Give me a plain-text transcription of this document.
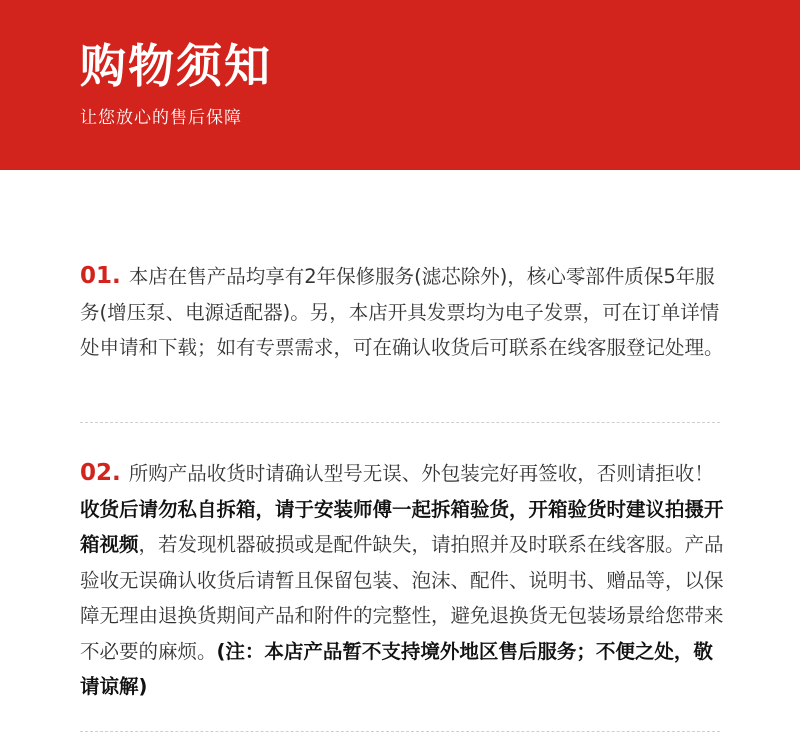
购物须知
让您放心的售后保障
01. 本店在售产品均享有2年保修服务(滤芯除外)，核心零部件质保5年服务(增压泵、电源适配器)。另，本店开具发票均为电子发票，可在订单详情处申请和下载；如有专票需求，可在确认收货后可联系在线客服登记处理。
02. 所购产品收货时请确认型号无误、外包装完好再签收，否则请拒收！收货后请勿私自拆箱，请于安装师傅一起拆箱验货，开箱验货时建议拍摄开箱视频，若发现机器破损或是配件缺失，请拍照并及时联系在线客服。产品验收无误确认收货后请暂且保留包装、泡沫、配件、说明书、赠品等，以保障无理由退换货期间产品和附件的完整性，避免退换货无包装场景给您带来不必要的麻烦。(注：本店产品暂不支持境外地区售后服务；不便之处，敬请谅解)
